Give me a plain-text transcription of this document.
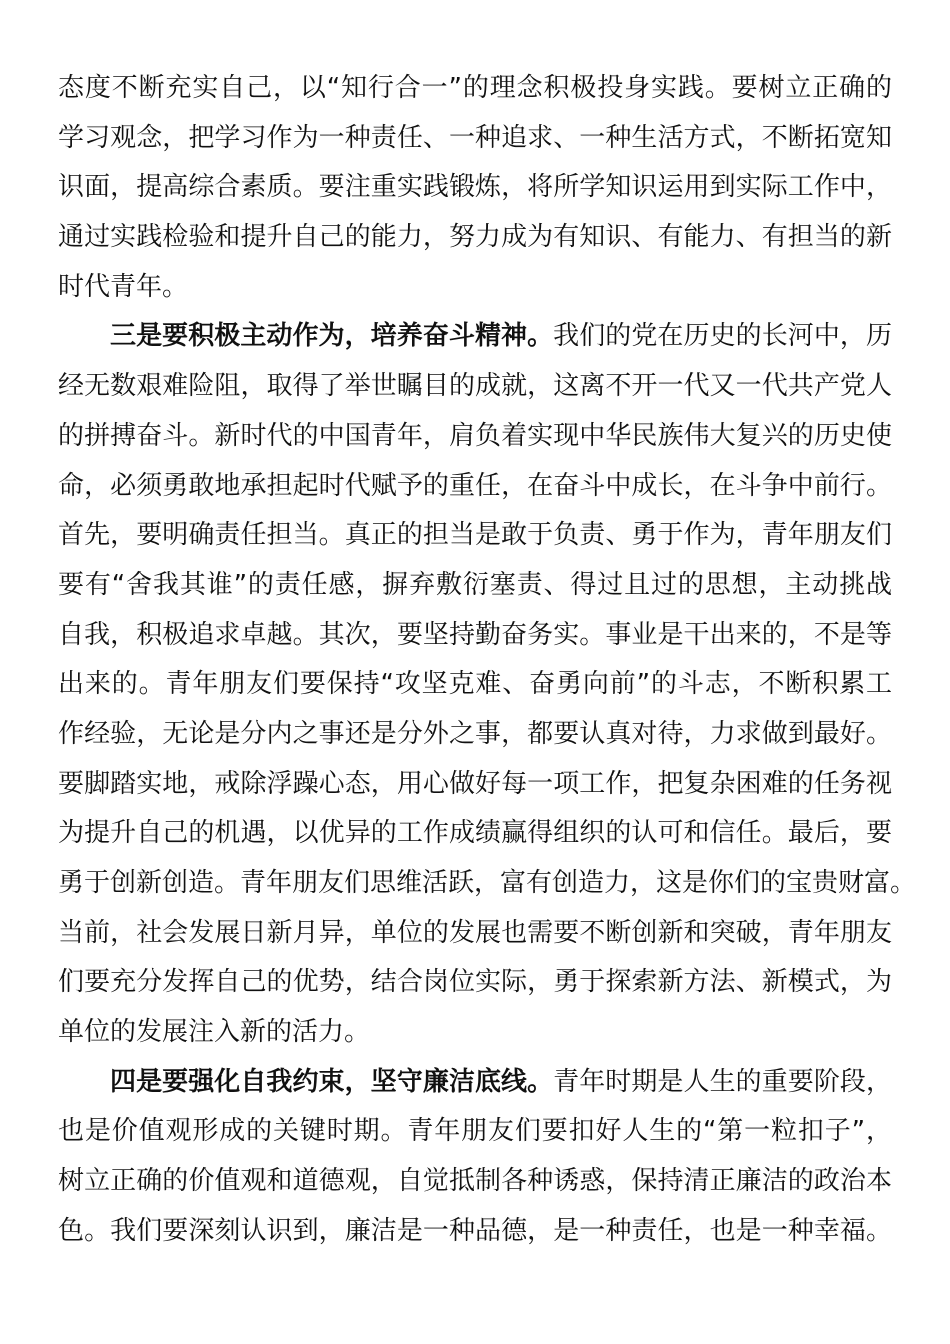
态度不断充实自己，以“知行合一”的理念积极投身实践。要树立正确的
学习观念，把学习作为一种责任、一种追求、一种生活方式，不断拓宽知
识面，提高综合素质。要注重实践锻炼，将所学知识运用到实际工作中，
通过实践检验和提升自己的能力，努力成为有知识、有能力、有担当的新
时代青年。
三是要积极主动作为，培养奋斗精神。我们的党在历史的长河中，历
经无数艰难险阻，取得了举世瞩目的成就，这离不开一代又一代共产党人
的拼搏奋斗。新时代的中国青年，肩负着实现中华民族伟大复兴的历史使
命，必须勇敢地承担起时代赋予的重任，在奋斗中成长，在斗争中前行。
首先，要明确责任担当。真正的担当是敢于负责、勇于作为，青年朋友们
要有“舍我其谁”的责任感，摒弃敷衍塞责、得过且过的思想，主动挑战
自我，积极追求卓越。其次，要坚持勤奋务实。事业是干出来的，不是等
出来的。青年朋友们要保持“攻坚克难、奋勇向前”的斗志，不断积累工
作经验，无论是分内之事还是分外之事，都要认真对待，力求做到最好。
要脚踏实地，戒除浮躁心态，用心做好每一项工作，把复杂困难的任务视
为提升自己的机遇，以优异的工作成绩赢得组织的认可和信任。最后，要
勇于创新创造。青年朋友们思维活跃，富有创造力，这是你们的宝贵财富。
当前，社会发展日新月异，单位的发展也需要不断创新和突破，青年朋友
们要充分发挥自己的优势，结合岗位实际，勇于探索新方法、新模式，为
单位的发展注入新的活力。
四是要强化自我约束，坚守廉洁底线。青年时期是人生的重要阶段，
也是价值观形成的关键时期。青年朋友们要扣好人生的“第一粒扣子”，
树立正确的价值观和道德观，自觉抵制各种诱惑，保持清正廉洁的政治本
色。我们要深刻认识到，廉洁是一种品德，是一种责任，也是一种幸福。
